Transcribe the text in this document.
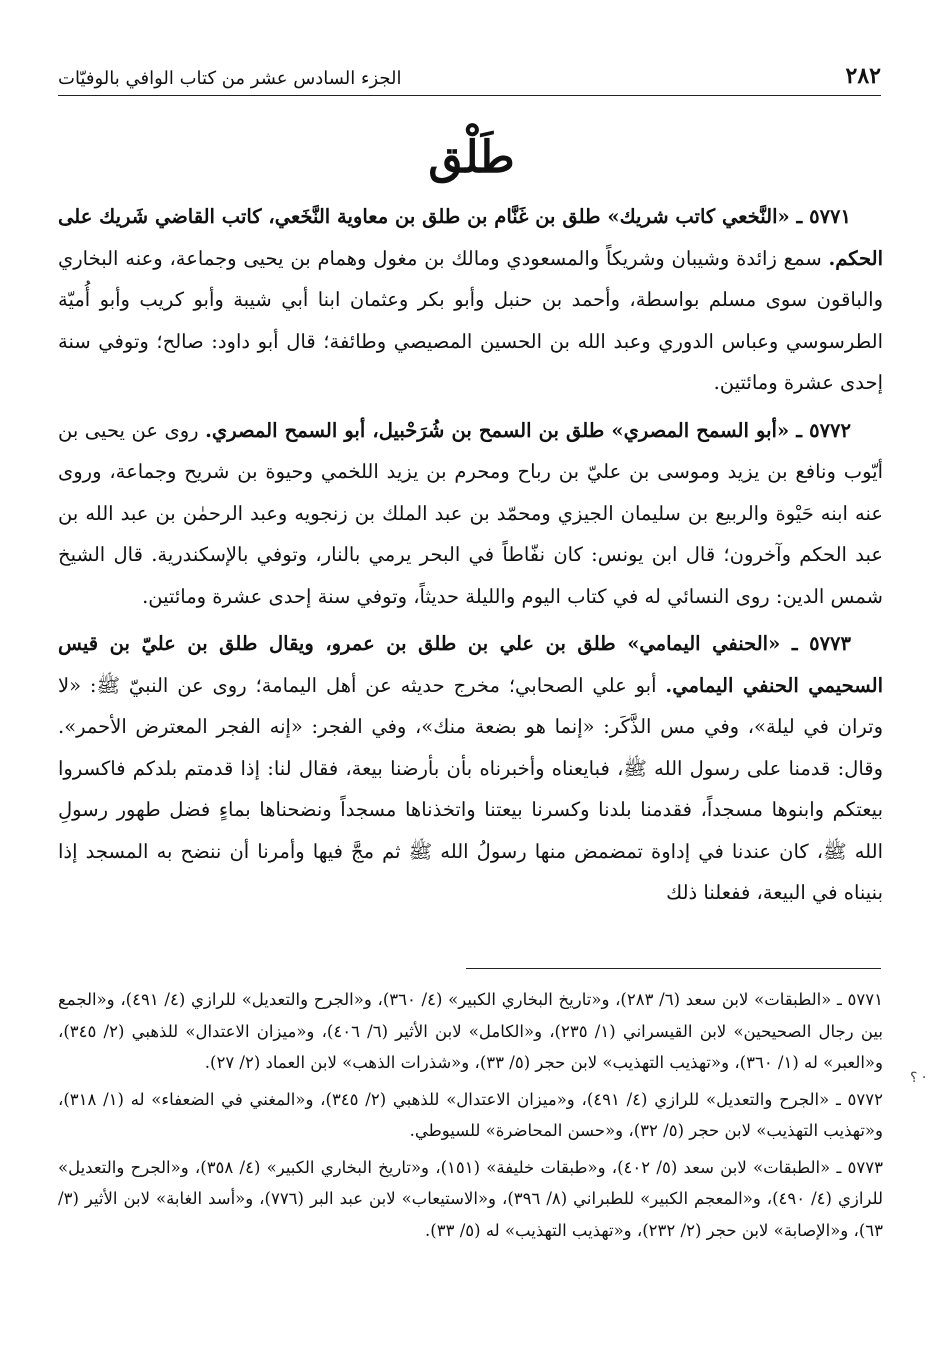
٢٨٢
الجزء السادس عشر من كتاب الوافي بالوفيّات
طَلْق

٥٧٧١ ـ «النَّخعي كاتب شريك» طلق بن غَنَّام بن طلق بن معاوية النَّخَعي، كاتب القاضي شَريك على الحكم. سمع زائدة وشيبان وشريكاً والمسعودي ومالك بن مغول وهمام بن يحيى وجماعة، وعنه البخاري والباقون سوى مسلم بواسطة، وأحمد بن حنبل وأبو بكر وعثمان ابنا أبي شيبة وأبو كريب وأبو أُميّة الطرسوسي وعباس الدوري وعبد الله بن الحسين المصيصي وطائفة؛ قال أبو داود: صالح؛ وتوفي سنة إحدى عشرة ومائتين.

٥٧٧٢ ـ «أبو السمح المصري» طلق بن السمح بن شُرَحْبيل، أبو السمح المصري. روى عن يحيى بن أيّوب ونافع بن يزيد وموسى بن عليّ بن رباح ومحرم بن يزيد اللخمي وحيوة بن شريح وجماعة، وروى عنه ابنه حَيْوة والربيع بن سليمان الجيزي ومحمّد بن عبد الملك بن زنجويه وعبد الرحمٰن بن عبد الله بن عبد الحكم وآخرون؛ قال ابن يونس: كان نفّاطاً في البحر يرمي بالنار، وتوفي بالإسكندرية. قال الشيخ شمس الدين: روى النسائي له في كتاب اليوم والليلة حديثاً، وتوفي سنة إحدى عشرة ومائتين.

٥٧٧٣ ـ «الحنفي اليمامي» طلق بن علي بن طلق بن عمرو، ويقال طلق بن عليّ بن قيس السحيمي الحنفي اليمامي. أبو علي الصحابي؛ مخرج حديثه عن أهل اليمامة؛ روى عن النبيّ ﷺ: «لا وتران في ليلة»، وفي مس الذَّكَر: «إنما هو بضعة منك»، وفي الفجر: «إنه الفجر المعترض الأحمر». وقال: قدمنا على رسول الله ﷺ، فبايعناه وأخبرناه بأن بأرضنا بيعة، فقال لنا: إذا قدمتم بلدكم فاكسروا بيعتكم وابنوها مسجداً، فقدمنا بلدنا وكسرنا بيعتنا واتخذناها مسجداً ونضحناها بماءٍ فضل طهور رسولِ الله ﷺ، كان عندنا في إداوة تمضمض منها رسولُ الله ﷺ ثم مجَّ فيها وأمرنا أن ننضح به المسجد إذا بنيناه في البيعة، ففعلنا ذلك

٥٧٧١ ـ «الطبقات» لابن سعد (٦/ ٢٨٣)، و«تاريخ البخاري الكبير» (٤/ ٣٦٠)، و«الجرح والتعديل» للرازي (٤/ ٤٩١)، و«الجمع بين رجال الصحيحين» لابن القيسراني (١/ ٢٣٥)، و«الكامل» لابن الأثير (٦/ ٤٠٦)، و«ميزان الاعتدال» للذهبي (٢/ ٣٤٥)، و«العبر» له (١/ ٣٦٠)، و«تهذيب التهذيب» لابن حجر (٥/ ٣٣)، و«شذرات الذهب» لابن العماد (٢/ ٢٧).

٥٧٧٢ ـ «الجرح والتعديل» للرازي (٤/ ٤٩١)، و«ميزان الاعتدال» للذهبي (٢/ ٣٤٥)، و«المغني في الضعفاء» له (١/ ٣١٨)، و«تهذيب التهذيب» لابن حجر (٥/ ٣٢)، و«حسن المحاضرة» للسيوطي.

٥٧٧٣ ـ «الطبقات» لابن سعد (٥/ ٤٠٢)، و«طبقات خليفة» (١٥١)، و«تاريخ البخاري الكبير» (٤/ ٣٥٨)، و«الجرح والتعديل» للرازي (٤/ ٤٩٠)، و«المعجم الكبير» للطبراني (٨/ ٣٩٦)، و«الاستيعاب» لابن عبد البر (٧٧٦)، و«أسد الغابة» لابن الأثير (٣/ ٦٣)، و«الإصابة» لابن حجر (٢/ ٢٣٢)، و«تهذيب التهذيب» له (٥/ ٣٣).

؟ ·
